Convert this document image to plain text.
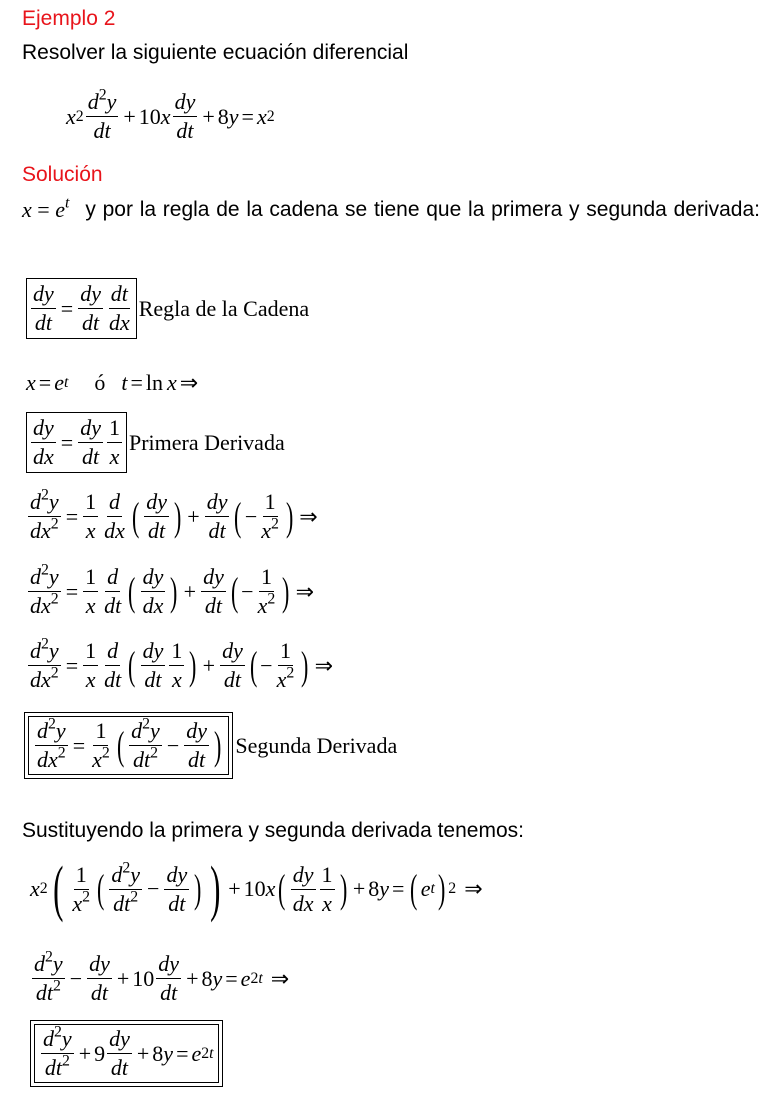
Ejemplo 2
Resolver la siguiente ecuación diferencial
x $2 \frac{d^2y}{dt} + 10$ x $\frac{dy}{dt} + 8$ y = x 2
Solución
$x = e^t$ y por la regla de la cadena se tiene que la primera y segunda derivada:
$\frac{dy}{dt} = \frac{dy}{dt} \frac{dt}{dx}$ Regla de la Cadena
x = e t ó t = ln x ⇒
$\frac{dy}{dx} = \frac{dy}{dt} \frac{1}{x}$ Primera Derivada
$\frac{d^2y}{dx^2} = \frac{1}{x} \frac{d}{dx}$ ( $\frac{dy}{dt}$ ) + $\frac{dy}{dt}$ ( − $\frac{1}{x^2}$ ) ⇒
$\frac{d^2y}{dx^2} = \frac{1}{x} \frac{d}{dt}$ ( $\frac{dy}{dx}$ ) + $\frac{dy}{dt}$ ( − $\frac{1}{x^2}$ ) ⇒
$\frac{d^2y}{dx^2} = \frac{1}{x} \frac{d}{dt}$ ( $\frac{dy}{dt} \frac{1}{x}$ ) + $\frac{dy}{dt}$ ( − $\frac{1}{x^2}$ ) ⇒
$\frac{d^2y}{dx^2} = \frac{1}{x^2}$ ( $\frac{d^2y}{dt^2} - \frac{dy}{dt}$ ) Segunda Derivada
Sustituyendo la primera y segunda derivada tenemos:
x 2 ( $\frac{1}{x^2}$ ( $\frac{d^2y}{dt^2} - \frac{dy}{dt}$ ) ) + 10 x ( $\frac{dy}{dx} \frac{1}{x}$ ) + 8 y = ( e t ) 2 ⇒
$\frac{d^2y}{dt^2} - \frac{dy}{dt} + 10 \frac{dy}{dt} + 8$ y = e 2t ⇒
$\frac{d^2y}{dt^2} + 9 \frac{dy}{dt} + 8$ y = e 2t
